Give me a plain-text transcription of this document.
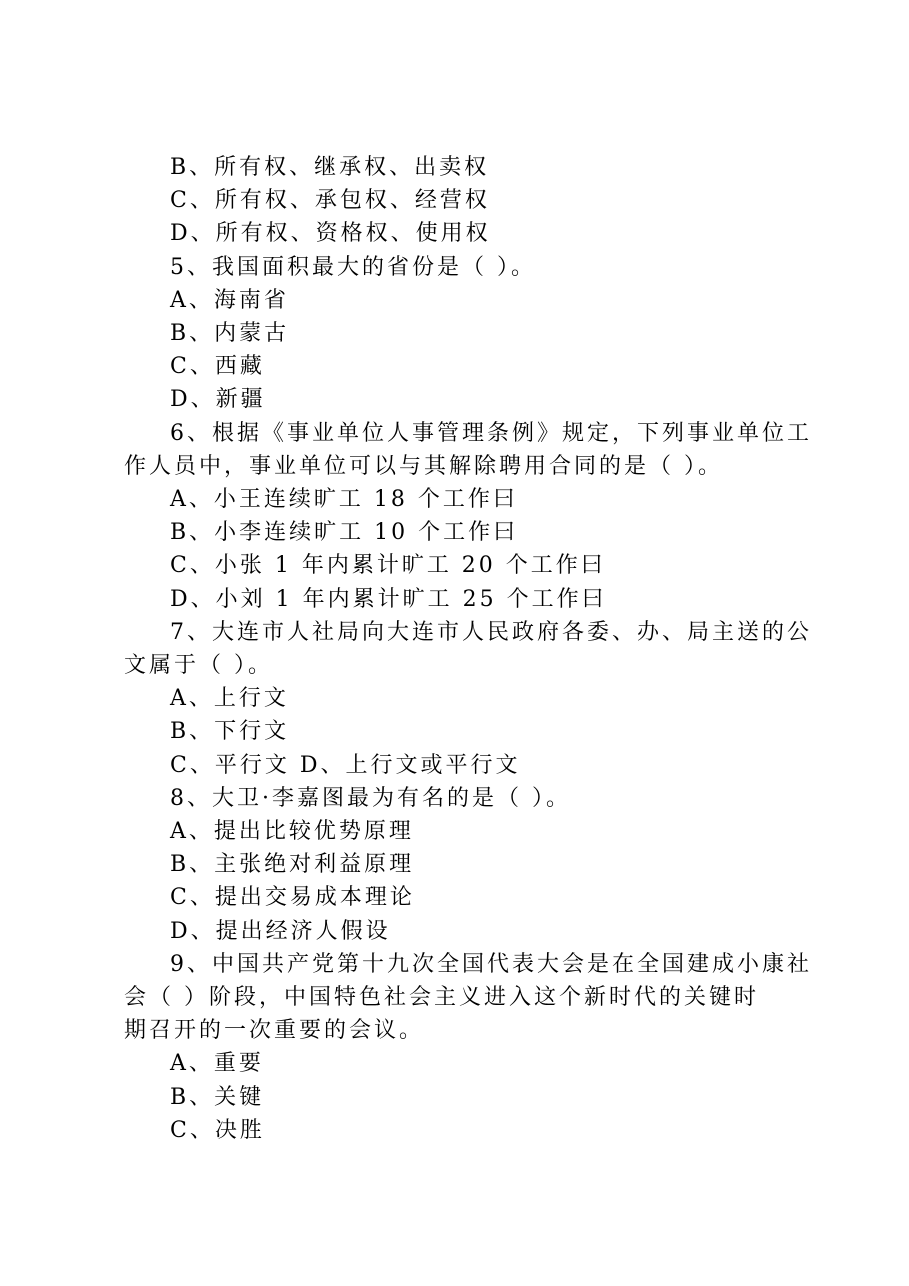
B、所有权、继承权、出卖权
C、所有权、承包权、经营权
D、所有权、资格权、使用权
5、我国面积最大的省份是（ ）。
A、海南省
B、内蒙古
C、西藏
D、新疆
6、根据《事业单位人事管理条例》规定，下列事业单位工
作人员中，事业单位可以与其解除聘用合同的是（ ）。
A、小王连续旷工 18 个工作曰
B、小李连续旷工 10 个工作曰
C、小张 1 年内累计旷工 20 个工作曰
D、小刘 1 年内累计旷工 25 个工作曰
7、大连市人社局向大连市人民政府各委、办、局主送的公
文属于（ ）。
A、上行文
B、下行文
C、平行文 D、上行文或平行文
8、大卫·李嘉图最为有名的是（ ）。
A、提出比较优势原理
B、主张绝对利益原理
C、提出交易成本理论
D、提出经济人假设
9、中国共产党第十九次全国代表大会是在全国建成小康社
会（ ）阶段，中国特色社会主义进入这个新时代的关键时
期召开的一次重要的会议。
A、重要
B、关键
C、决胜
